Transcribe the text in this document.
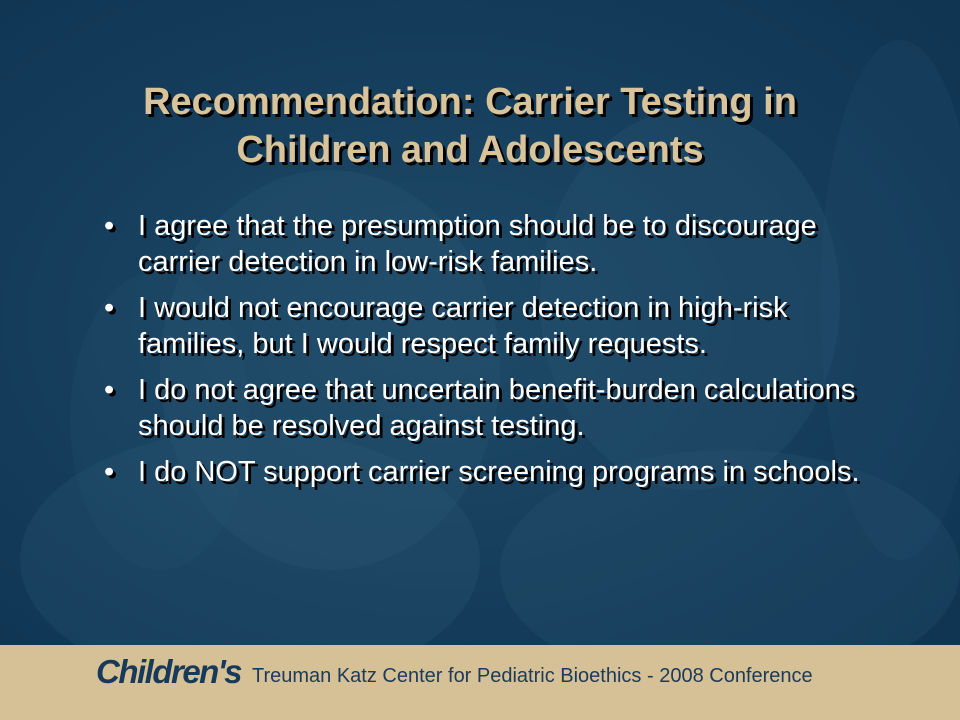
Recommendation: Carrier Testing in
Children and Adolescents
• I agree that the presumption should be to discourage carrier detection in low-risk families.
• I would not encourage carrier detection in high-risk families, but I would respect family requests.
• I do not agree that uncertain benefit-burden calculations should be resolved against testing.
• I do NOT support carrier screening programs in schools.
Children's Treuman Katz Center for Pediatric Bioethics - 2008 Conference
